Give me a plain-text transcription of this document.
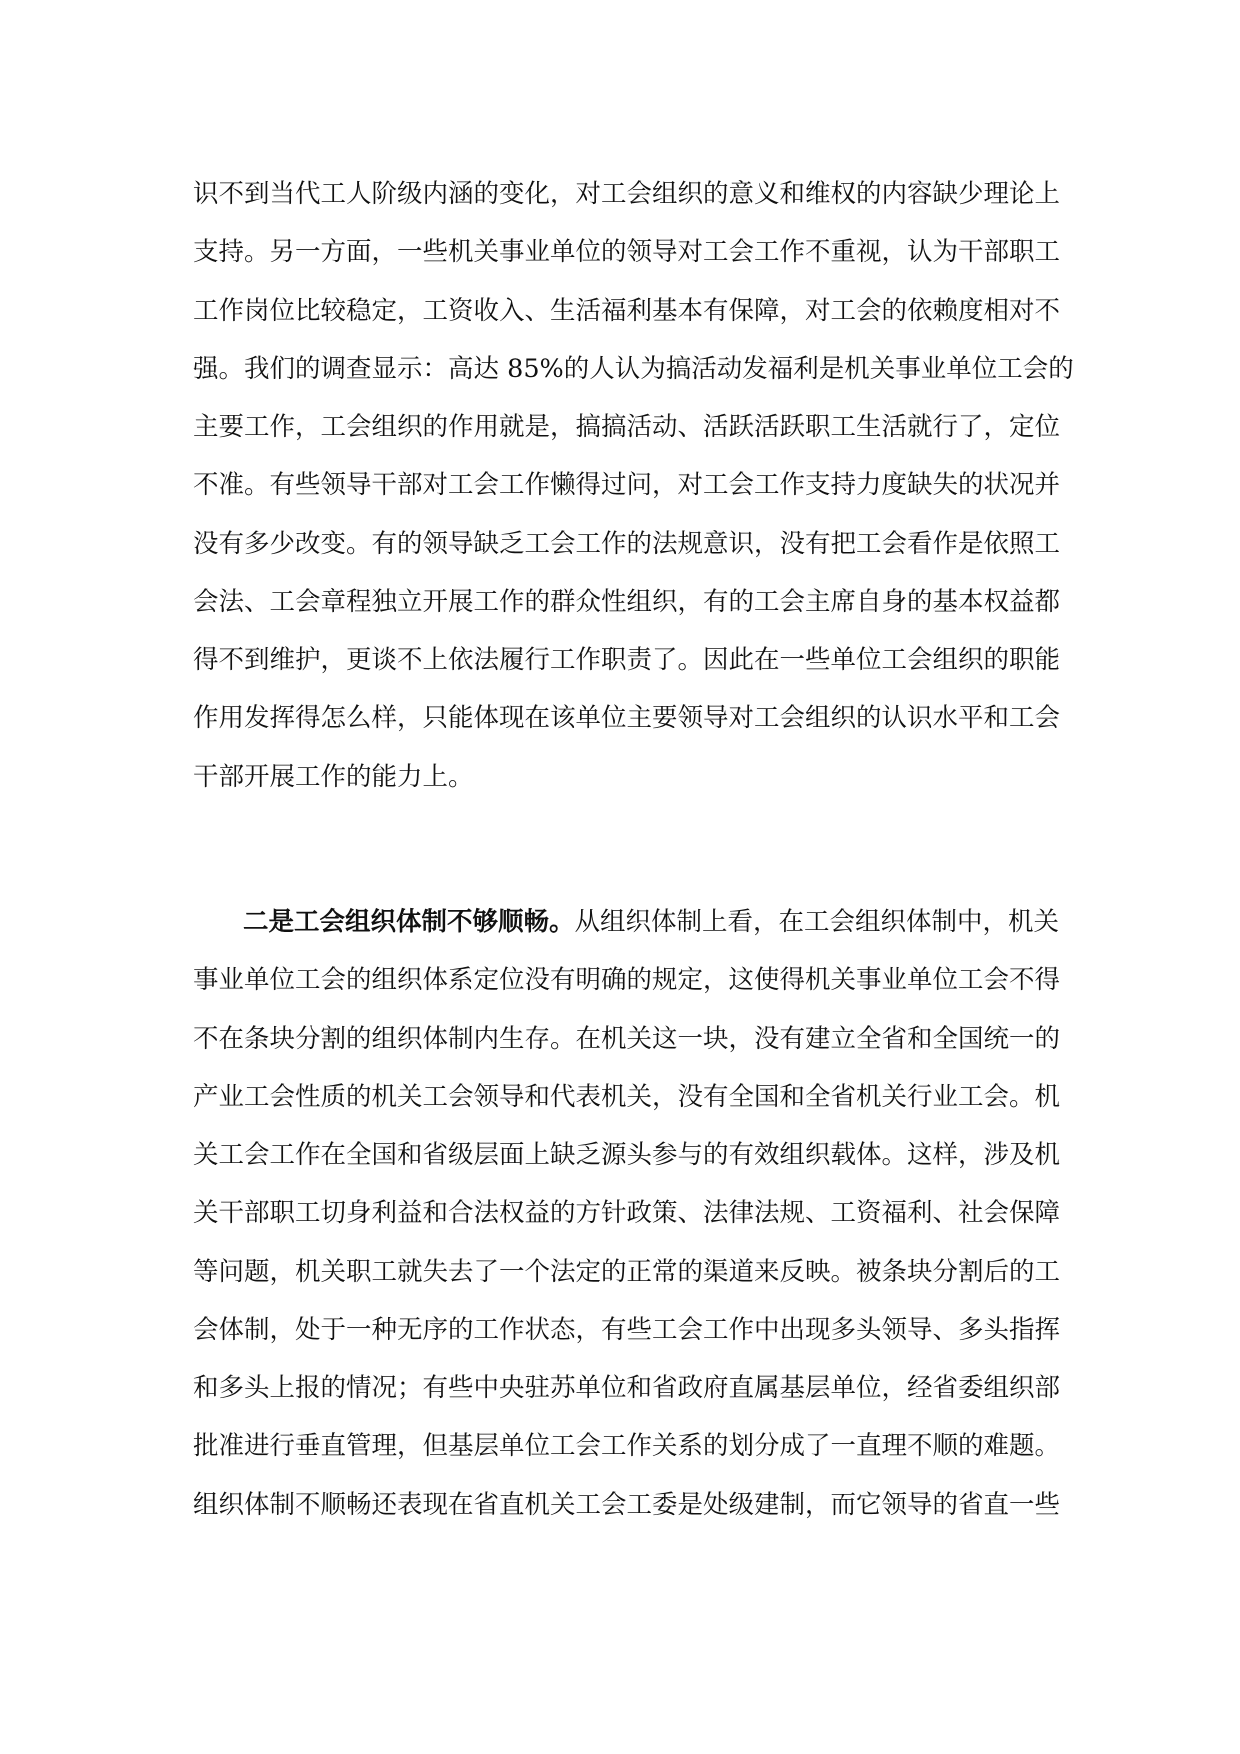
识不到当代工人阶级内涵的变化，对工会组织的意义和维权的内容缺少理论上
支持。另一方面，一些机关事业单位的领导对工会工作不重视，认为干部职工
工作岗位比较稳定，工资收入、生活福利基本有保障，对工会的依赖度相对不
强。我们的调查显示：高达 85%的人认为搞活动发福利是机关事业单位工会的
主要工作，工会组织的作用就是，搞搞活动、活跃活跃职工生活就行了，定位
不准。有些领导干部对工会工作懒得过问，对工会工作支持力度缺失的状况并
没有多少改变。有的领导缺乏工会工作的法规意识，没有把工会看作是依照工
会法、工会章程独立开展工作的群众性组织，有的工会主席自身的基本权益都
得不到维护，更谈不上依法履行工作职责了。因此在一些单位工会组织的职能
作用发挥得怎么样，只能体现在该单位主要领导对工会组织的认识水平和工会
干部开展工作的能力上。
二是工会组织体制不够顺畅。从组织体制上看，在工会组织体制中，机关
事业单位工会的组织体系定位没有明确的规定，这使得机关事业单位工会不得
不在条块分割的组织体制内生存。在机关这一块，没有建立全省和全国统一的
产业工会性质的机关工会领导和代表机关，没有全国和全省机关行业工会。机
关工会工作在全国和省级层面上缺乏源头参与的有效组织载体。这样，涉及机
关干部职工切身利益和合法权益的方针政策、法律法规、工资福利、社会保障
等问题，机关职工就失去了一个法定的正常的渠道来反映。被条块分割后的工
会体制，处于一种无序的工作状态，有些工会工作中出现多头领导、多头指挥
和多头上报的情况；有些中央驻苏单位和省政府直属基层单位，经省委组织部
批准进行垂直管理，但基层单位工会工作关系的划分成了一直理不顺的难题。
组织体制不顺畅还表现在省直机关工会工委是处级建制，而它领导的省直一些
